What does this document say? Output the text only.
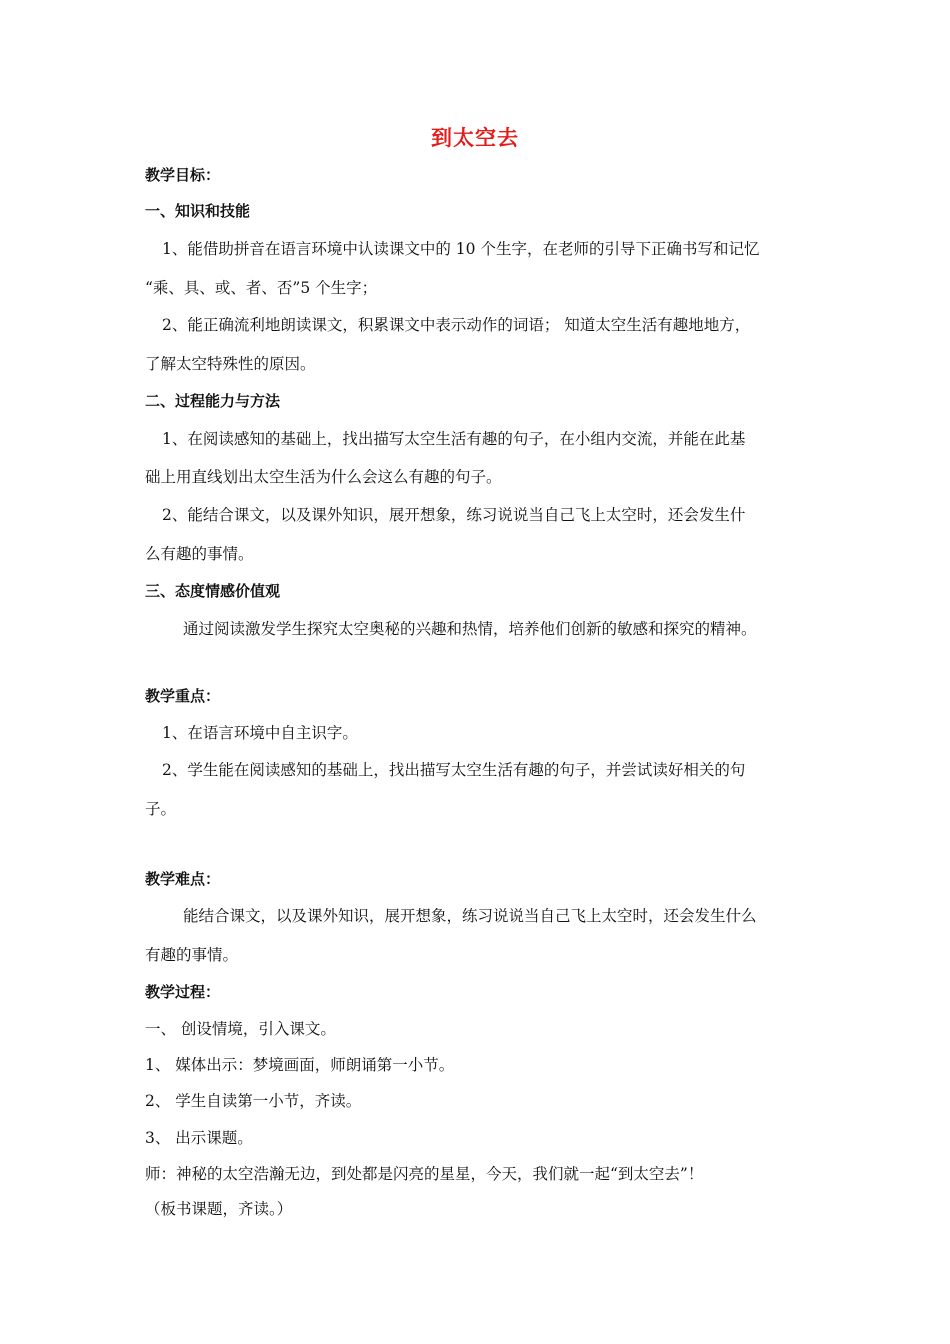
到太空去
教学目标：
一、知识和技能
1、能借助拼音在语言环境中认读课文中的 10 个生字，在老师的引导下正确书写和记忆
“乘、具、或、者、否”5 个生字；
2、能正确流利地朗读课文，积累课文中表示动作的词语； 知道太空生活有趣地地方，
了解太空特殊性的原因。
二、过程能力与方法
1、在阅读感知的基础上，找出描写太空生活有趣的句子，在小组内交流，并能在此基
础上用直线划出太空生活为什么会这么有趣的句子。
2、能结合课文，以及课外知识，展开想象，练习说说当自己飞上太空时，还会发生什
么有趣的事情。
三、态度情感价值观
通过阅读激发学生探究太空奥秘的兴趣和热情，培养他们创新的敏感和探究的精神。
教学重点：
1、在语言环境中自主识字。
2、学生能在阅读感知的基础上，找出描写太空生活有趣的句子，并尝试读好相关的句
子。
教学难点：
能结合课文，以及课外知识，展开想象，练习说说当自己飞上太空时，还会发生什么
有趣的事情。
教学过程：
一、 创设情境，引入课文。
1、 媒体出示：梦境画面，师朗诵第一小节。
2、 学生自读第一小节，齐读。
3、 出示课题。
师：神秘的太空浩瀚无边，到处都是闪亮的星星，今天，我们就一起“到太空去”！
（板书课题，齐读。）
